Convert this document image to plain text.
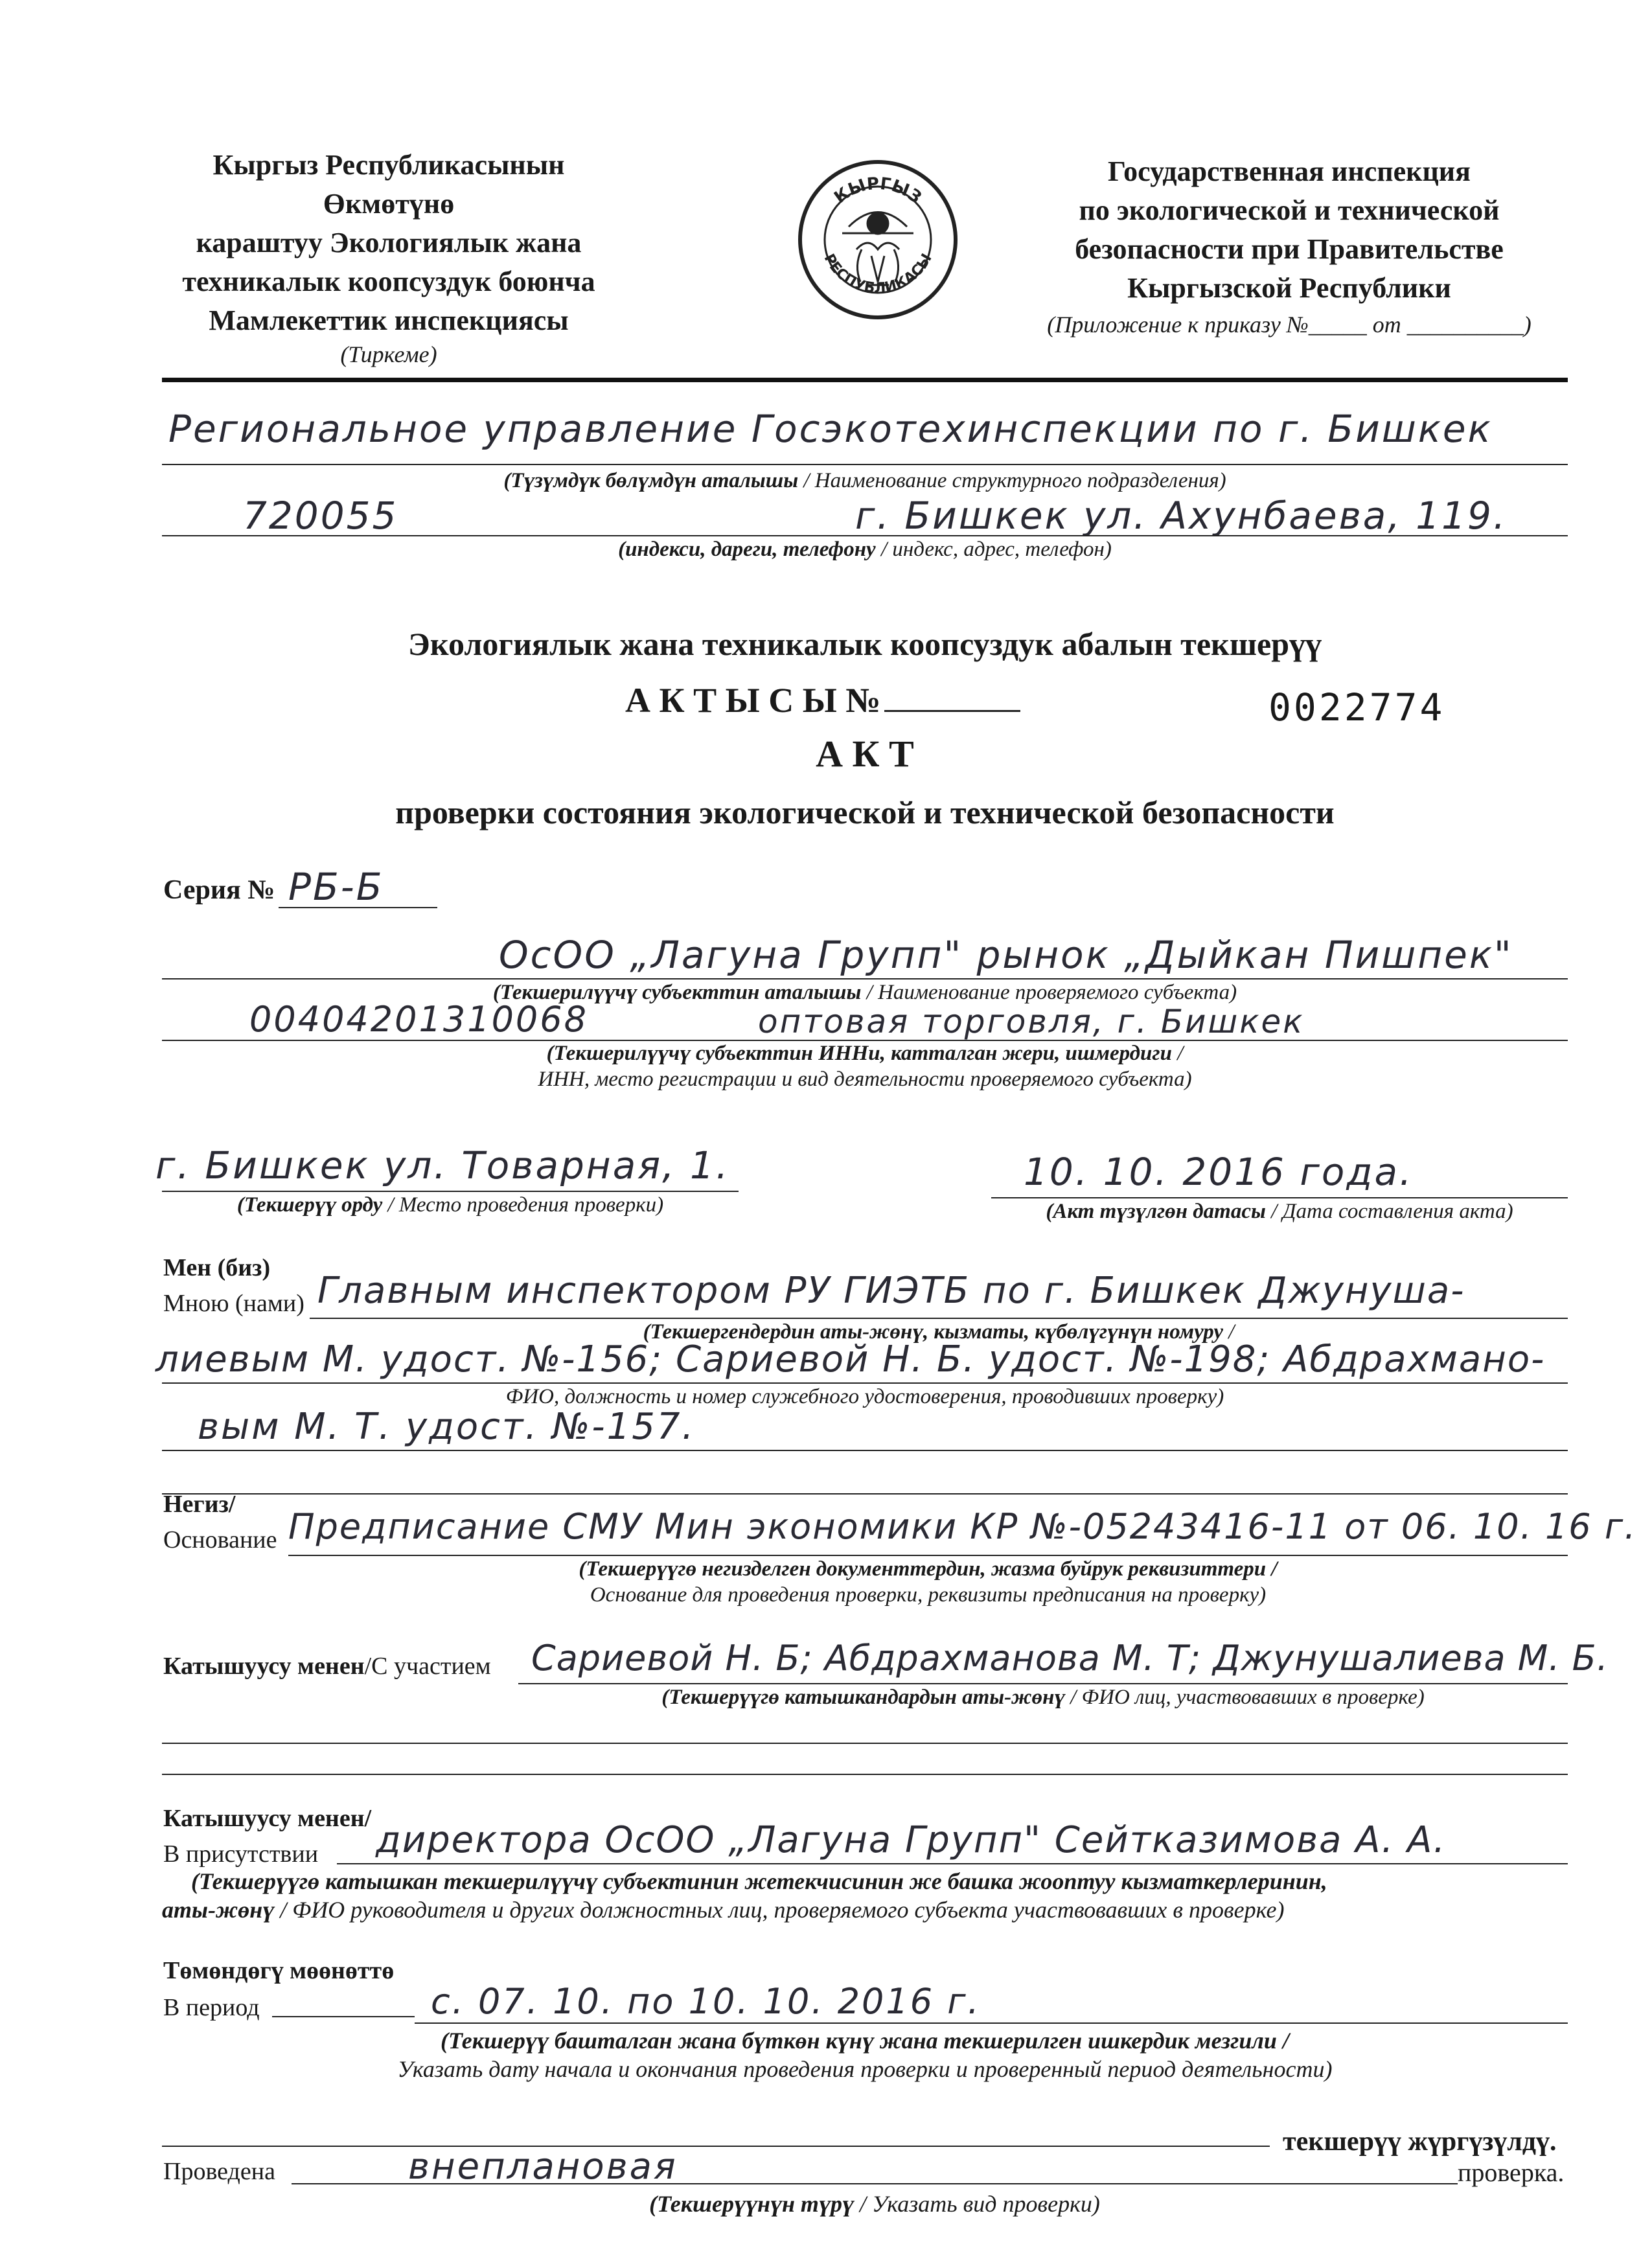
Кыргыз Республикасынын Өкмөтүнө
караштуу Экологиялык жана
техникалык коопсуздук боюнча
Мамлекеттик инспекциясы
(Тиркеме)
КЫРГЫЗ
РЕСПУБЛИКАСЫ
Государственная инспекция
по экологической и технической
безопасности при Правительстве
Кыргызской Республики
(Приложение к приказу №_____ от __________)
Региональное управление Госэкотехинспекции по г. Бишкек
(Түзүмдүк бөлүмдүн аталышы / Наименование структурного подразделения)
720055	г. Бишкек ул. Ахунбаева, 119.
(индекси, дареги, телефону / индекс, адрес, телефон)
Экологиялык жана техникалык коопсуздук абалын текшерүү
А К Т Ы С Ы №	0022774
А К Т
проверки состояния экологической и технической безопасности
Серия № РБ-Б
ОсОО „Лагуна Групп" рынок „Дыйкан Пишпек"
(Текшерилүүчү субъекттин аталышы / Наименование проверяемого субъекта)
00404201310068	оптовая торговля, г. Бишкек
(Текшерилүүчү субъекттин ИННи, катталган жери, ишмердиги /
ИНН, место регистрации и вид деятельности проверяемого субъекта)
г. Бишкек ул. Товарная, 1.
(Текшерүү орду / Место проведения проверки)
10. 10. 2016 года.
(Акт түзүлгөн датасы / Дата составления акта)
Мен (биз)
Мною (нами) Главным инспектором РУ ГИЭТБ по г. Бишкек Джунуша-
(Текшергендердин аты-жөнү, кызматы, күбөлүгүнүн номуру /
лиевым М. удост. №-156; Сариевой Н. Б. удост. №-198; Абдрахмано-
ФИО, должность и номер служебного удостоверения, проводивших проверку)
вым М. Т. удост. №-157.
Негиз/
Основание Предписание СМУ Мин экономики КР №-05243416-11 от 06. 10. 16 г.
(Текшерүүгө негизделген документтердин, жазма буйрук реквизиттери /
Основание для проведения проверки, реквизиты предписания на проверку)
Катышуусу менен/С участием Сариевой Н. Б; Абдрахманова М. Т; Джунушалиева М. Б.
(Текшерүүгө катышкандардын аты-жөнү / ФИО лиц, участвовавших в проверке)
Катышуусу менен/
В присутствии директора ОсОО „Лагуна Групп" Сейтказимова А. А.
(Текшерүүгө катышкан текшерилүүчү субъектинин жетекчисинин же башка жооптуу кызматкерлеринин,
аты-жөнү / ФИО руководителя и других должностных лиц, проверяемого субъекта участвовавших в проверке)
Төмөндөгү мөөнөттө
В период	с. 07. 10. по 10. 10. 2016 г.
(Текшерүү башталган жана бүткөн күнү жана текшерилген ишкердик мезгили /
Указать дату начала и окончания проведения проверки и проверенный период деятельности)
текшерүү жүргүзүлдү.
Проведена	внеплановая	проверка.
(Текшерүүнүн түрү / Указать вид проверки)
